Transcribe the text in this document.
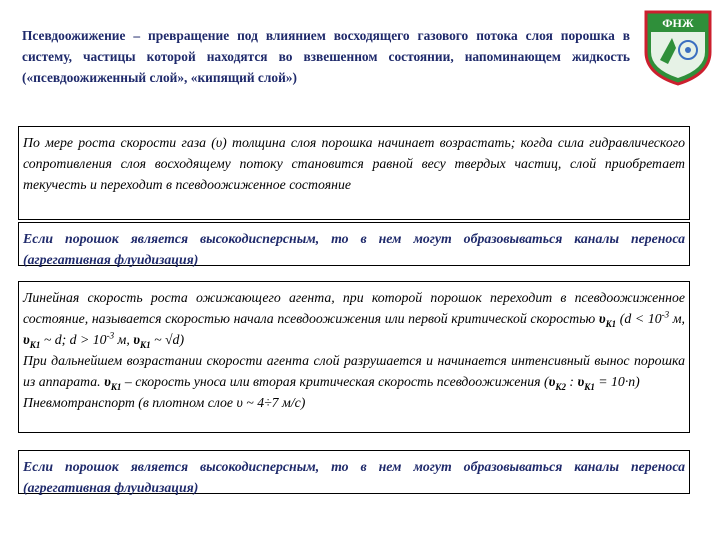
Псевдоожижение – превращение под влиянием восходящего газового потока слоя порошка в систему, частицы которой находятся во взвешенном состоянии, напоминающем жидкость («псевдоожиженный слой», «кипящий слой»)

ФНЖ

По мере роста скорости газа (υ) толщина слоя порошка начинает возрастать; когда сила гидравлического сопротивления слоя восходящему потоку становится равной весу твердых частиц, слой приобретает текучесть и переходит в псевдоожиженное состояние

Если порошок является высокодисперсным, то в нем могут образовываться каналы переноса (агрегативная флуидизация)

Линейная скорость роста ожижающего агента, при которой порошок переходит в псевдоожиженное состояние, называется скоростью начала псевдоожижения или первой критической скоростью $\upsilon_{К1}$ ($d < 10^{-3}$ м, $\upsilon_{К1}$ ~ d; $d > 10^{-3}$ м, $\upsilon_{К1}$ ~ √d)

При дальнейшем возрастании скорости агента слой разрушается и начинается интенсивный вынос порошка из аппарата. $\upsilon_{К1}$ – скорость уноса или вторая критическая скорость псевдоожижения ($\upsilon_{К2}$ : $\upsilon_{К1} = 10\cdot n$)

Пневмотранспорт (в плотном слое υ ~ 4÷7 м/с)

Если порошок является высокодисперсным, то в нем могут образовываться каналы переноса (агрегативная флуидизация)
